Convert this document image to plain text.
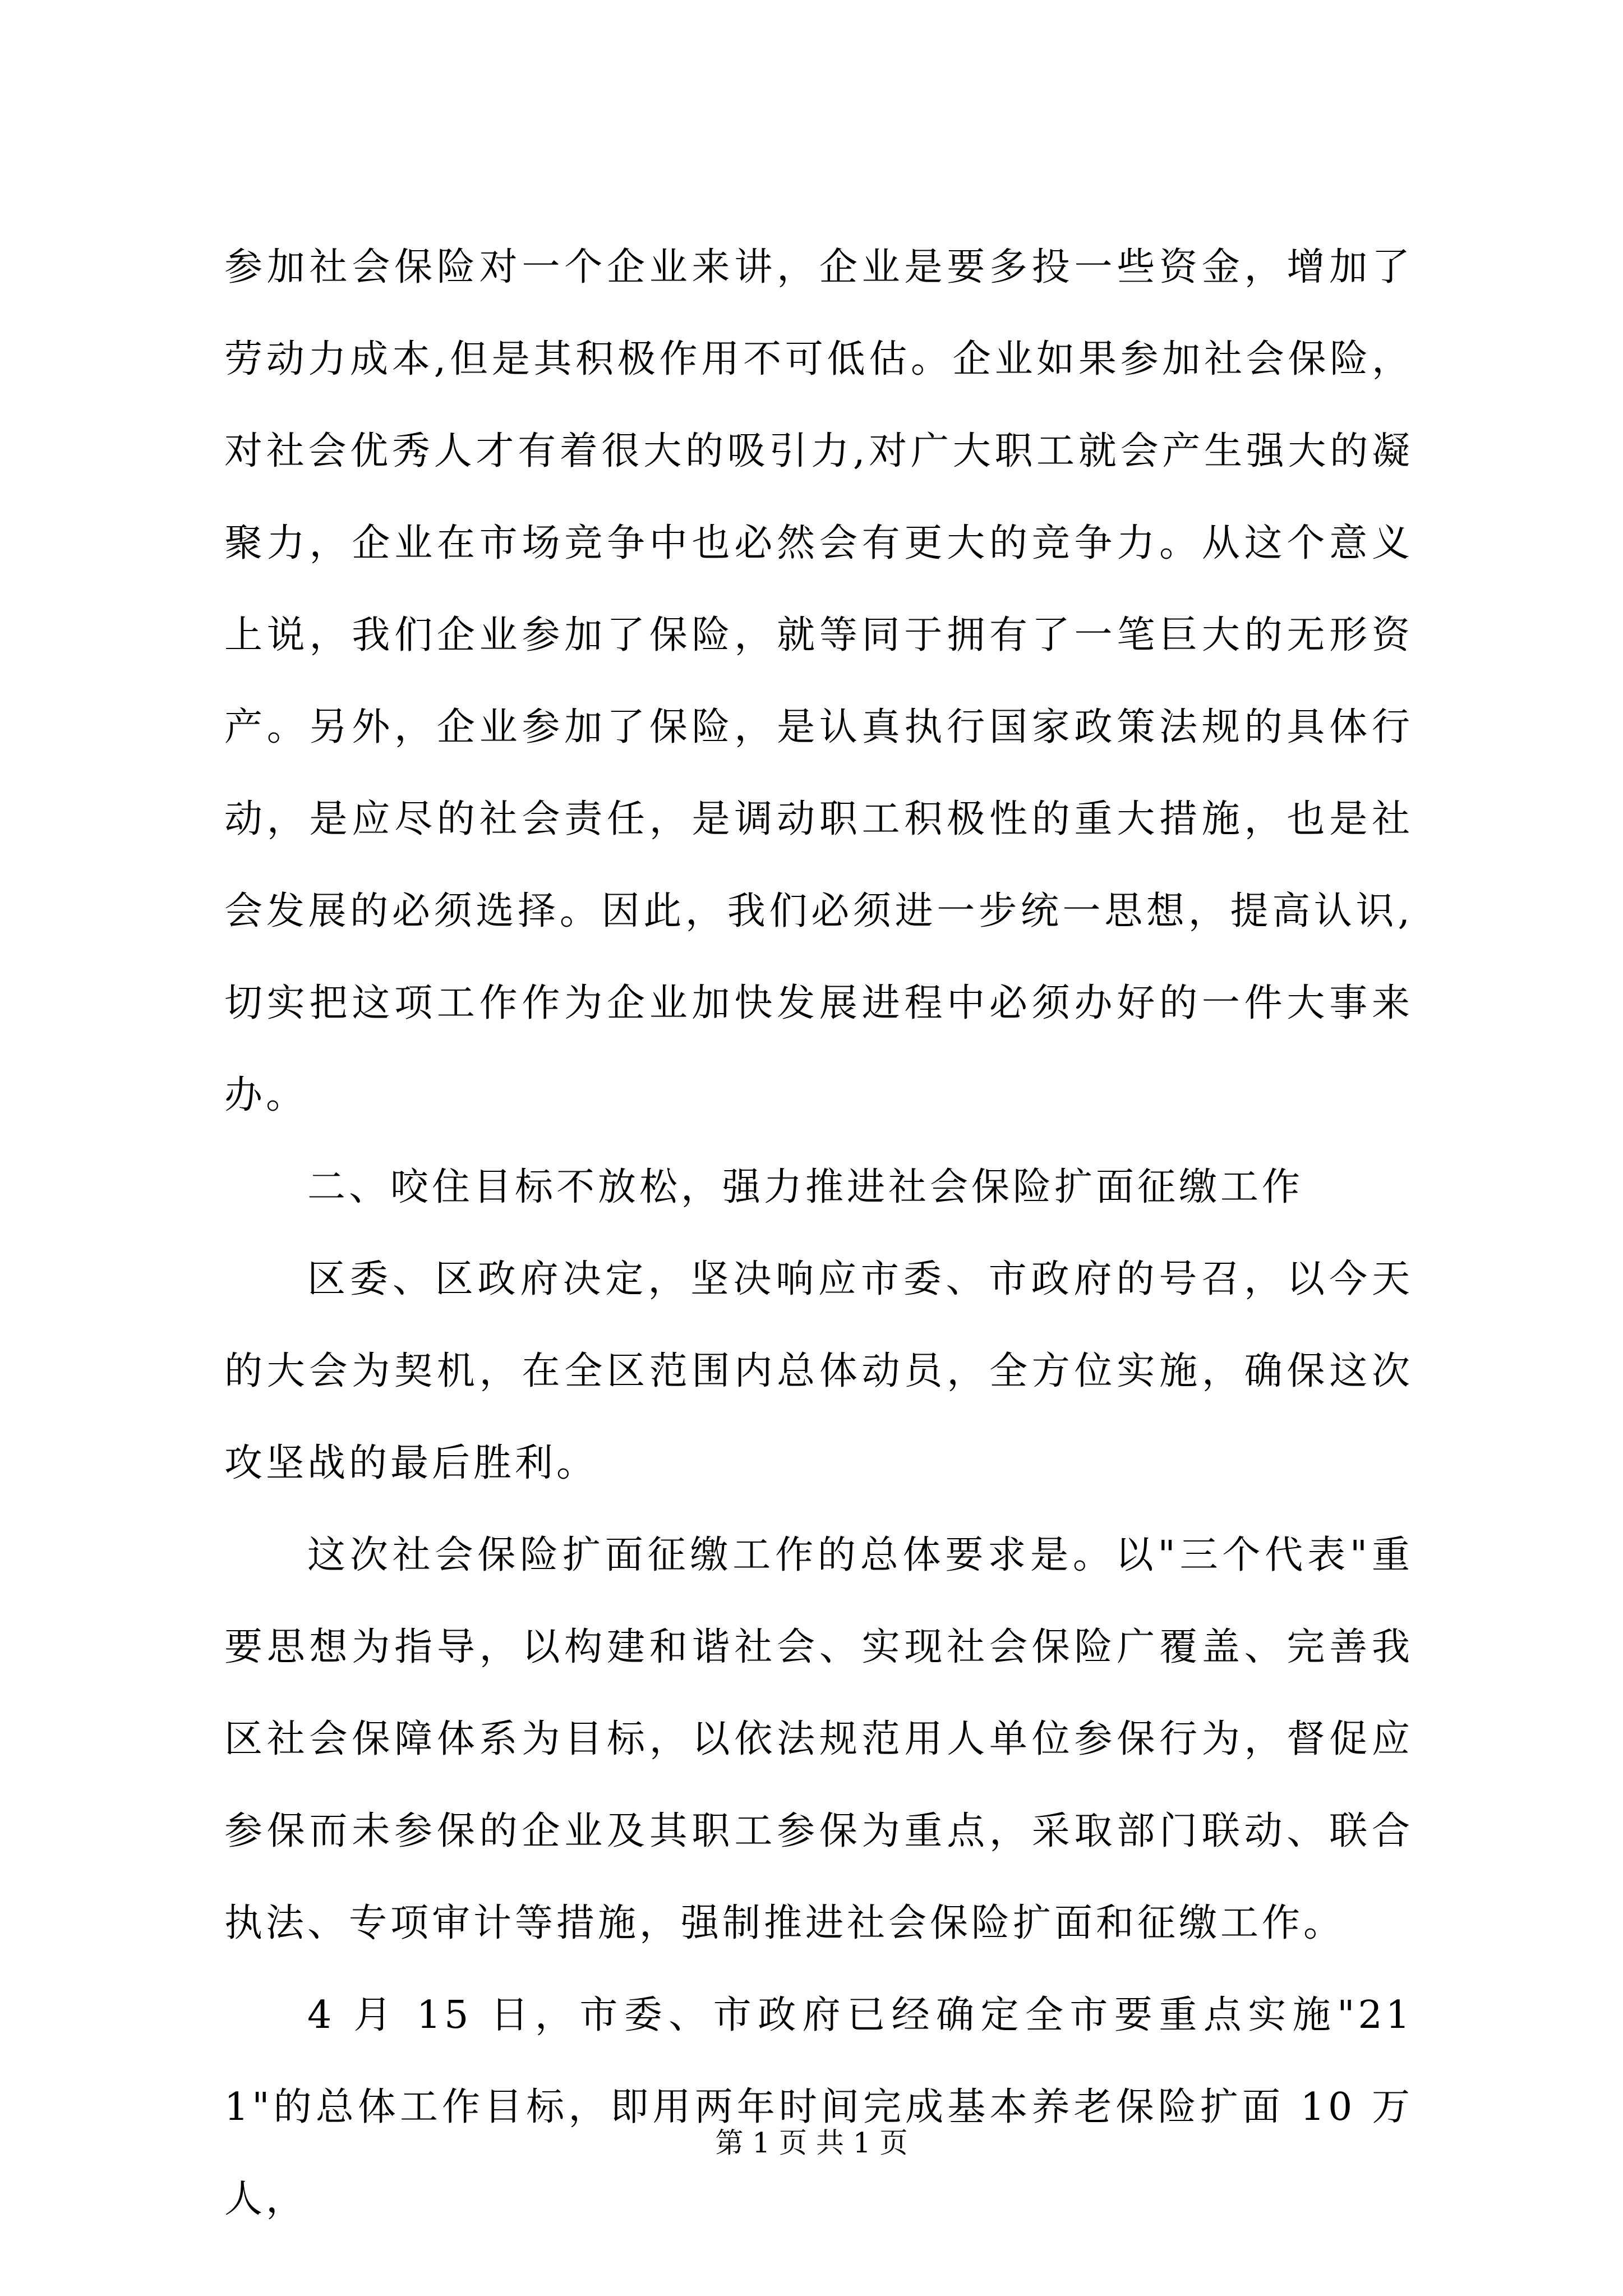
参加社会保险对一个企业来讲，企业是要多投一些资金，增加了劳动力成本,但是其积极作用不可低估。企业如果参加社会保险，对社会优秀人才有着很大的吸引力,对广大职工就会产生强大的凝聚力，企业在市场竞争中也必然会有更大的竞争力。从这个意义上说，我们企业参加了保险，就等同于拥有了一笔巨大的无形资产。另外，企业参加了保险，是认真执行国家政策法规的具体行动，是应尽的社会责任，是调动职工积极性的重大措施，也是社会发展的必须选择。因此，我们必须进一步统一思想，提高认识,切实把这项工作作为企业加快发展进程中必须办好的一件大事来办。

二、咬住目标不放松，强力推进社会保险扩面征缴工作

区委、区政府决定，坚决响应市委、市政府的号召，以今天的大会为契机，在全区范围内总体动员，全方位实施，确保这次攻坚战的最后胜利。

这次社会保险扩面征缴工作的总体要求是。以"三个代表"重要思想为指导，以构建和谐社会、实现社会保险广覆盖、完善我区社会保障体系为目标，以依法规范用人单位参保行为，督促应参保而未参保的企业及其职工参保为重点，采取部门联动、联合执法、专项审计等措施，强制推进社会保险扩面和征缴工作。

4 月 15 日，市委、市政府已经确定全市要重点实施"211"的总体工作目标，即用两年时间完成基本养老保险扩面 10 万人，

第 1 页 共 1 页
